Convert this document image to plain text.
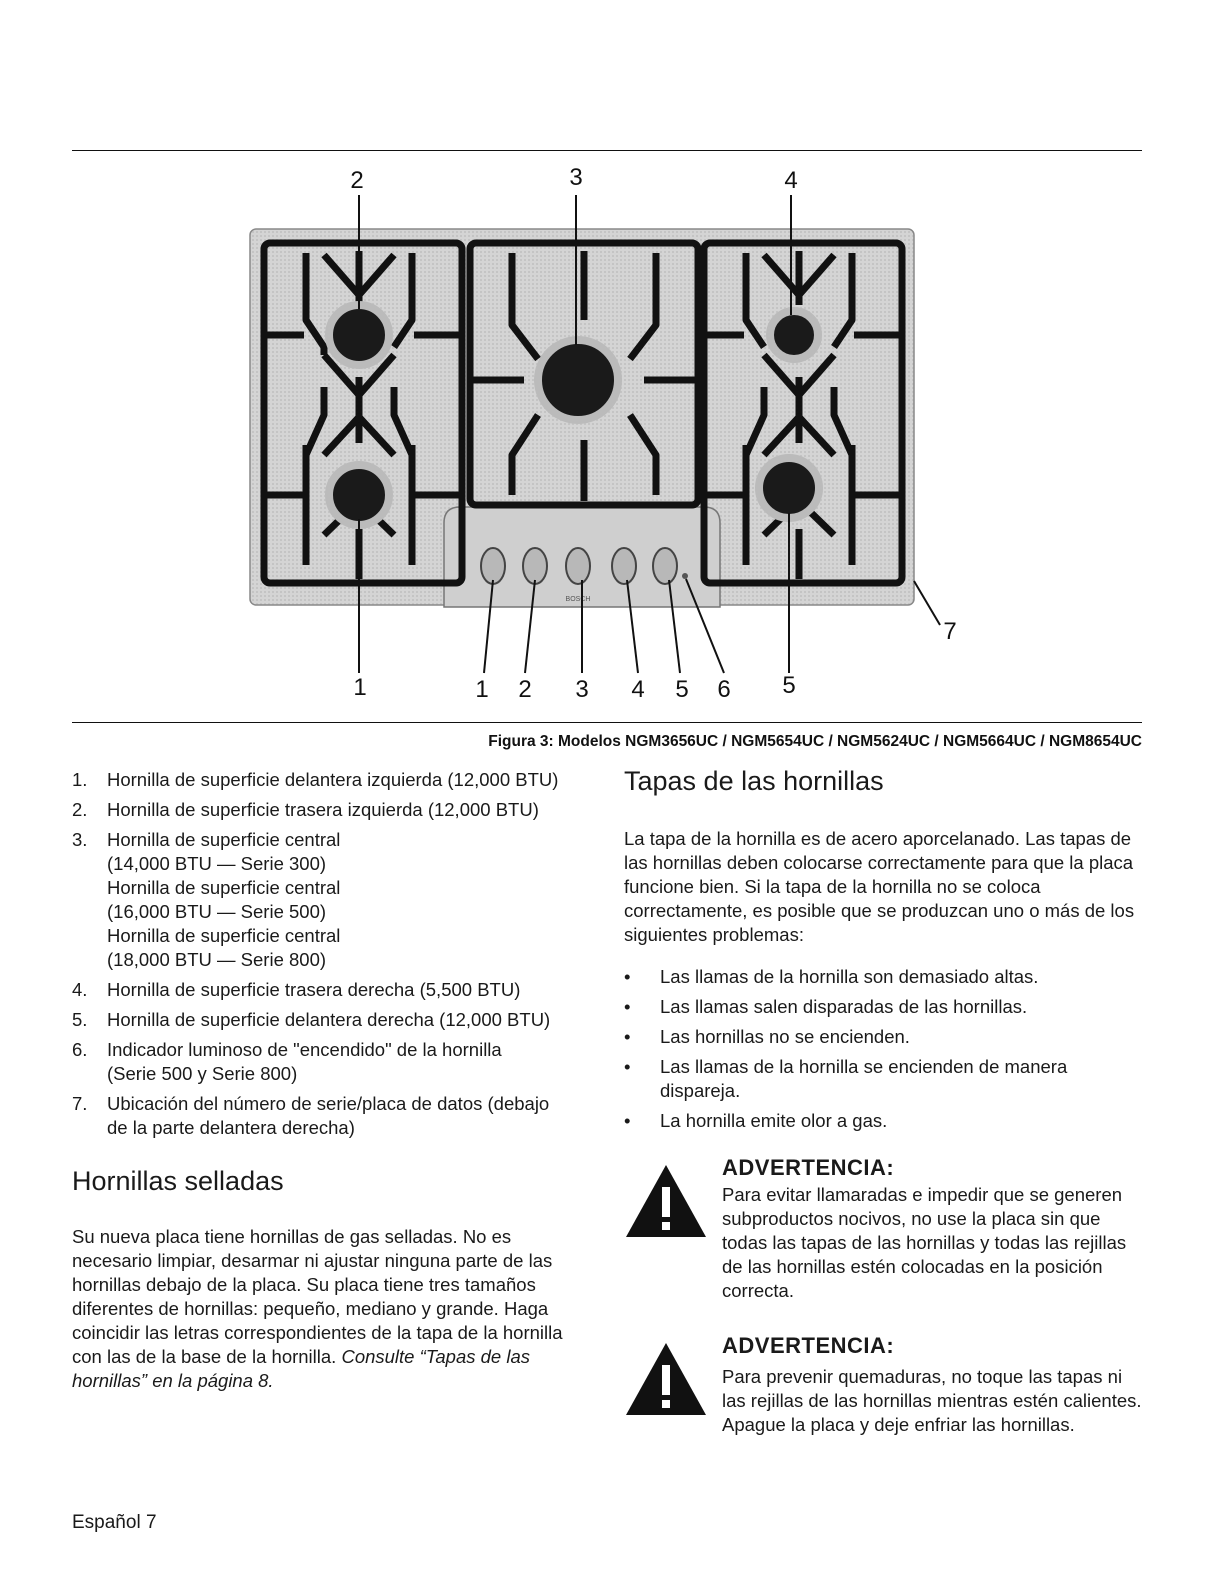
BOSCH
2	3	4
1	1 2 3 4 5 6 5
7
Figura 3: Modelos NGM3656UC / NGM5654UC / NGM5624UC / NGM5664UC / NGM8654UC
1. Hornilla de superficie delantera izquierda (12,000 BTU)
2. Hornilla de superficie trasera izquierda (12,000 BTU)
3. Hornilla de superficie central
(14,000 BTU — Serie 300)
Hornilla de superficie central
(16,000 BTU — Serie 500)
Hornilla de superficie central
(18,000 BTU — Serie 800)
4. Hornilla de superficie trasera derecha (5,500 BTU)
5. Hornilla de superficie delantera derecha (12,000 BTU)
6. Indicador luminoso de "encendido" de la hornilla
(Serie 500 y Serie 800)
7. Ubicación del número de serie/placa de datos (debajo
de la parte delantera derecha)
Hornillas selladas

Su nueva placa tiene hornillas de gas selladas. No es necesario limpiar, desarmar ni ajustar ninguna parte de las hornillas debajo de la placa. Su placa tiene tres tamaños diferentes de hornillas: pequeño, mediano y grande. Haga coincidir las letras correspondientes de la tapa de la hornilla con las de la base de la hornilla. Consulte “Tapas de las hornillas” en la página 8.

Tapas de las hornillas

La tapa de la hornilla es de acero aporcelanado. Las tapas de las hornillas deben colocarse correctamente para que la placa funcione bien. Si la tapa de la hornilla no se coloca correctamente, es posible que se produzcan uno o más de los siguientes problemas:

• Las llamas de la hornilla son demasiado altas.
• Las llamas salen disparadas de las hornillas.
• Las hornillas no se encienden.
• Las llamas de la hornilla se encienden de manera dispareja.
• La hornilla emite olor a gas.
ADVERTENCIA:
Para evitar llamaradas e impedir que se generen subproductos nocivos, no use la placa sin que todas las tapas de las hornillas y todas las rejillas de las hornillas estén colocadas en la posición correcta.
ADVERTENCIA:
Para prevenir quemaduras, no toque las tapas ni las rejillas de las hornillas mientras estén calientes. Apague la placa y deje enfriar las hornillas.
Español 7
